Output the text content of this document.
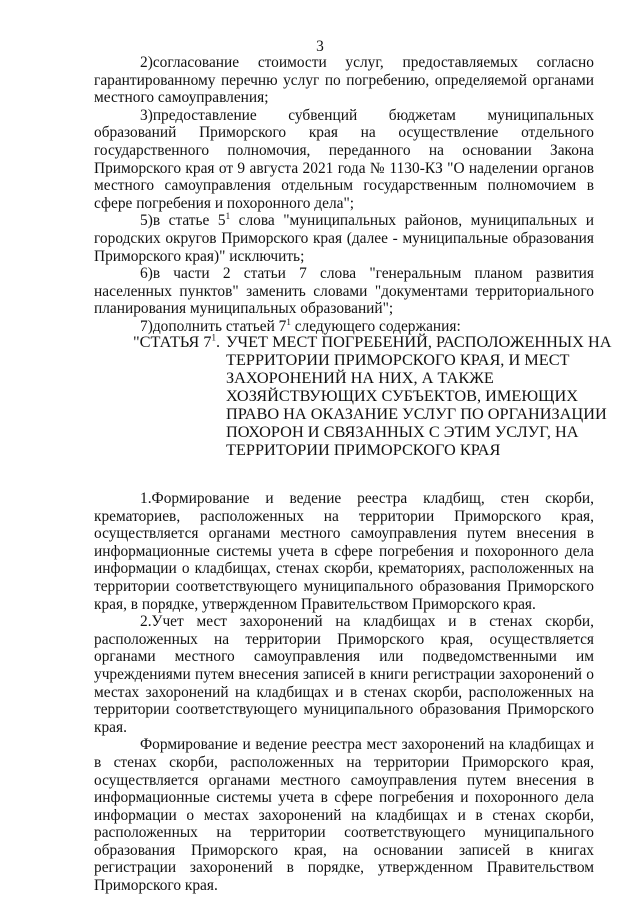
3

2)согласование стоимости услуг, предоставляемых согласно гарантированному перечню услуг по погребению, определяемой органами местного самоуправления;

3)предоставление субвенций бюджетам муниципальных образований Приморского края на осуществление отдельного государственного полномочия, переданного на основании Закона Приморского края от 9 августа 2021 года № 1130-КЗ "О наделении органов местного самоуправления отдельным государственным полномочием в сфере погребения и похоронного дела";

5)в статье $5^1$ слова "муниципальных районов, муниципальных и городских округов Приморского края (далее - муниципальные образования Приморского края)" исключить;

6)в части 2 статьи 7 слова "генеральным планом развития населенных пунктов" заменить словами "документами территориального планирования муниципальных образований";

7)дополнить статьей $7^1$ следующего содержания:

"СТАТЬЯ $7^1$. УЧЕТ МЕСТ ПОГРЕБЕНИЙ, РАСПОЛОЖЕННЫХ НА
ТЕРРИТОРИИ ПРИМОРСКОГО КРАЯ, И МЕСТ
ЗАХОРОНЕНИЙ НА НИХ, А ТАКЖЕ
ХОЗЯЙСТВУЮЩИХ СУБЪЕКТОВ, ИМЕЮЩИХ
ПРАВО НА ОКАЗАНИЕ УСЛУГ ПО ОРГАНИЗАЦИИ
ПОХОРОН И СВЯЗАННЫХ С ЭТИМ УСЛУГ, НА
ТЕРРИТОРИИ ПРИМОРСКОГО КРАЯ

1.Формирование и ведение реестра кладбищ, стен скорби, крематориев, расположенных на территории Приморского края, осуществляется органами местного самоуправления путем внесения в информационные системы учета в сфере погребения и похоронного дела информации о кладбищах, стенах скорби, крематориях, расположенных на территории соответствующего муниципального образования Приморского края, в порядке, утвержденном Правительством Приморского края.

2.Учет мест захоронений на кладбищах и в стенах скорби, расположенных на территории Приморского края, осуществляется органами местного самоуправления или подведомственными им учреждениями путем внесения записей в книги регистрации захоронений о местах захоронений на кладбищах и в стенах скорби, расположенных на территории соответствующего муниципального образования Приморского края.

Формирование и ведение реестра мест захоронений на кладбищах и в стенах скорби, расположенных на территории Приморского края, осуществляется органами местного самоуправления путем внесения в информационные системы учета в сфере погребения и похоронного дела информации о местах захоронений на кладбищах и в стенах скорби, расположенных на территории соответствующего муниципального образования Приморского края, на основании записей в книгах регистрации захоронений в порядке, утвержденном Правительством Приморского края.
